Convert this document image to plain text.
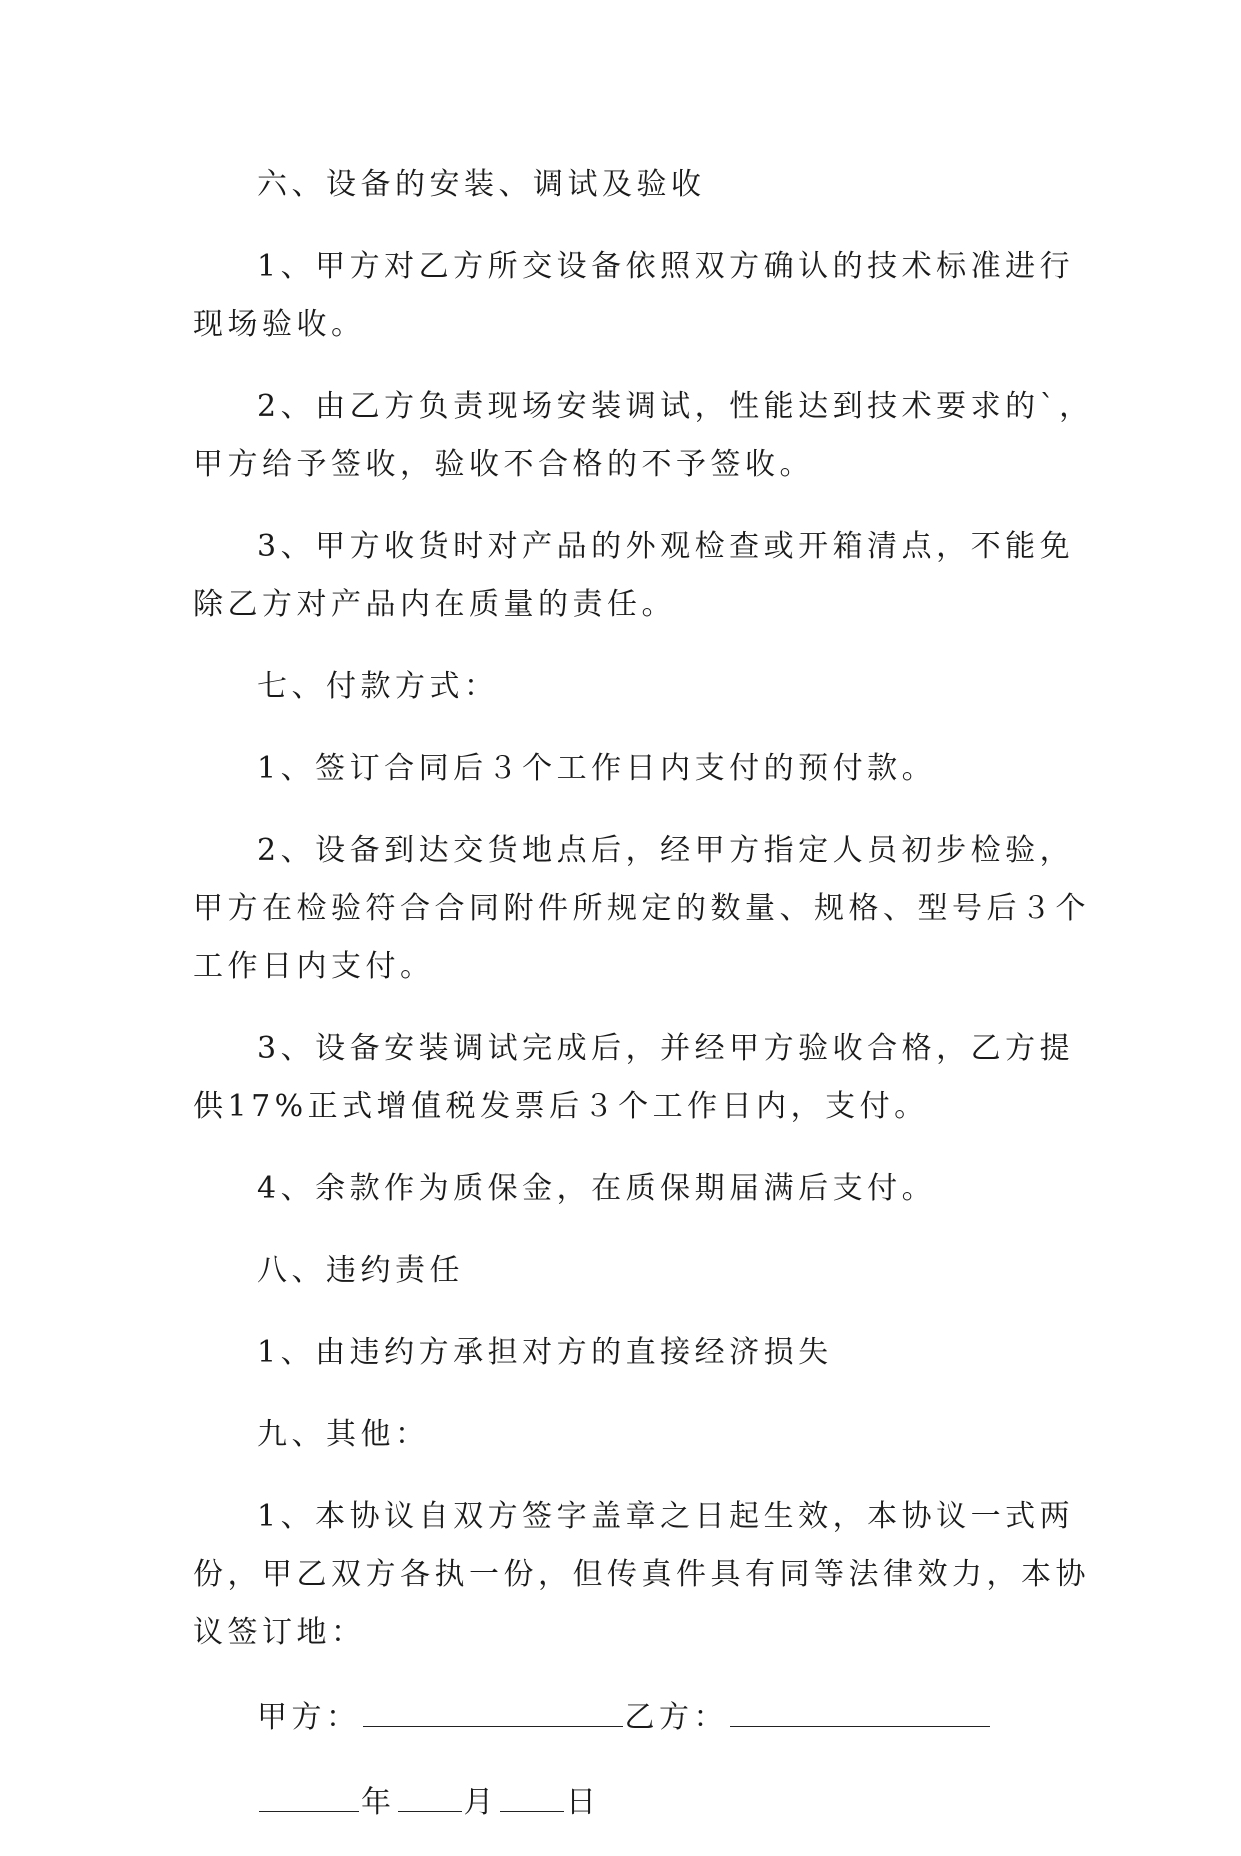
六、设备的安装、调试及验收

1、甲方对乙方所交设备依照双方确认的技术标准进行
现场验收。

2、由乙方负责现场安装调试，性能达到技术要求的`，
甲方给予签收，验收不合格的不予签收。

3、甲方收货时对产品的外观检查或开箱清点，不能免
除乙方对产品内在质量的责任。

七、付款方式：

1、签订合同后３个工作日内支付的预付款。

2、设备到达交货地点后，经甲方指定人员初步检验，
甲方在检验符合合同附件所规定的数量、规格、型号后３个
工作日内支付。

3、设备安装调试完成后，并经甲方验收合格，乙方提
供17%正式增值税发票后３个工作日内，支付。

4、余款作为质保金，在质保期届满后支付。

八、违约责任

1、由违约方承担对方的直接经济损失

九、其他：

1、本协议自双方签字盖章之日起生效，本协议一式两
份，甲乙双方各执一份，但传真件具有同等法律效力，本协
议签订地：

甲方：	乙方：
年 月 日
